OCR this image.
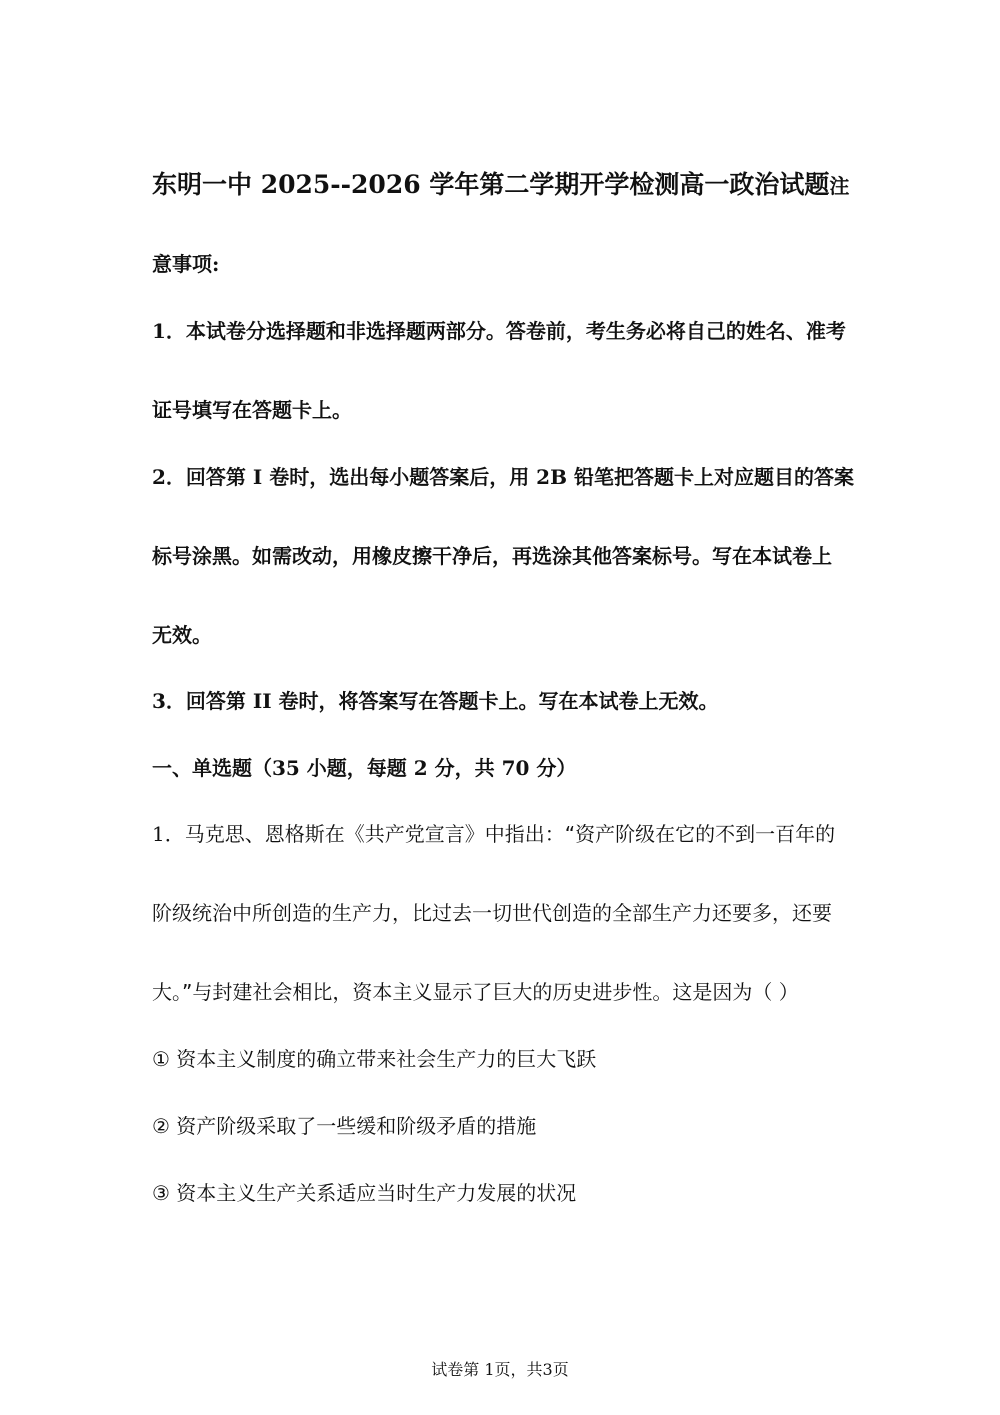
东明一中 2025--2026 学年第二学期开学检测高一政治试题注
意事项:
1．本试卷分选择题和非选择题两部分。答卷前，考生务必将自己的姓名、准考
证号填写在答题卡上。
2．回答第 I 卷时，选出每小题答案后，用 2B 铅笔把答题卡上对应题目的答案
标号涂黑。如需改动，用橡皮擦干净后，再选涂其他答案标号。写在本试卷上
无效。
3．回答第 II 卷时，将答案写在答题卡上。写在本试卷上无效。
一、单选题（35 小题，每题 2 分，共 70 分）
1．马克思、恩格斯在《共产党宣言》中指出：“资产阶级在它的不到一百年的
阶级统治中所创造的生产力，比过去一切世代创造的全部生产力还要多，还要
大。”与封建社会相比，资本主义显示了巨大的历史进步性。这是因为（ ）
① 资本主义制度的确立带来社会生产力的巨大飞跃
② 资产阶级采取了一些缓和阶级矛盾的措施
③ 资本主义生产关系适应当时生产力发展的状况
试卷第 1页，共3页
